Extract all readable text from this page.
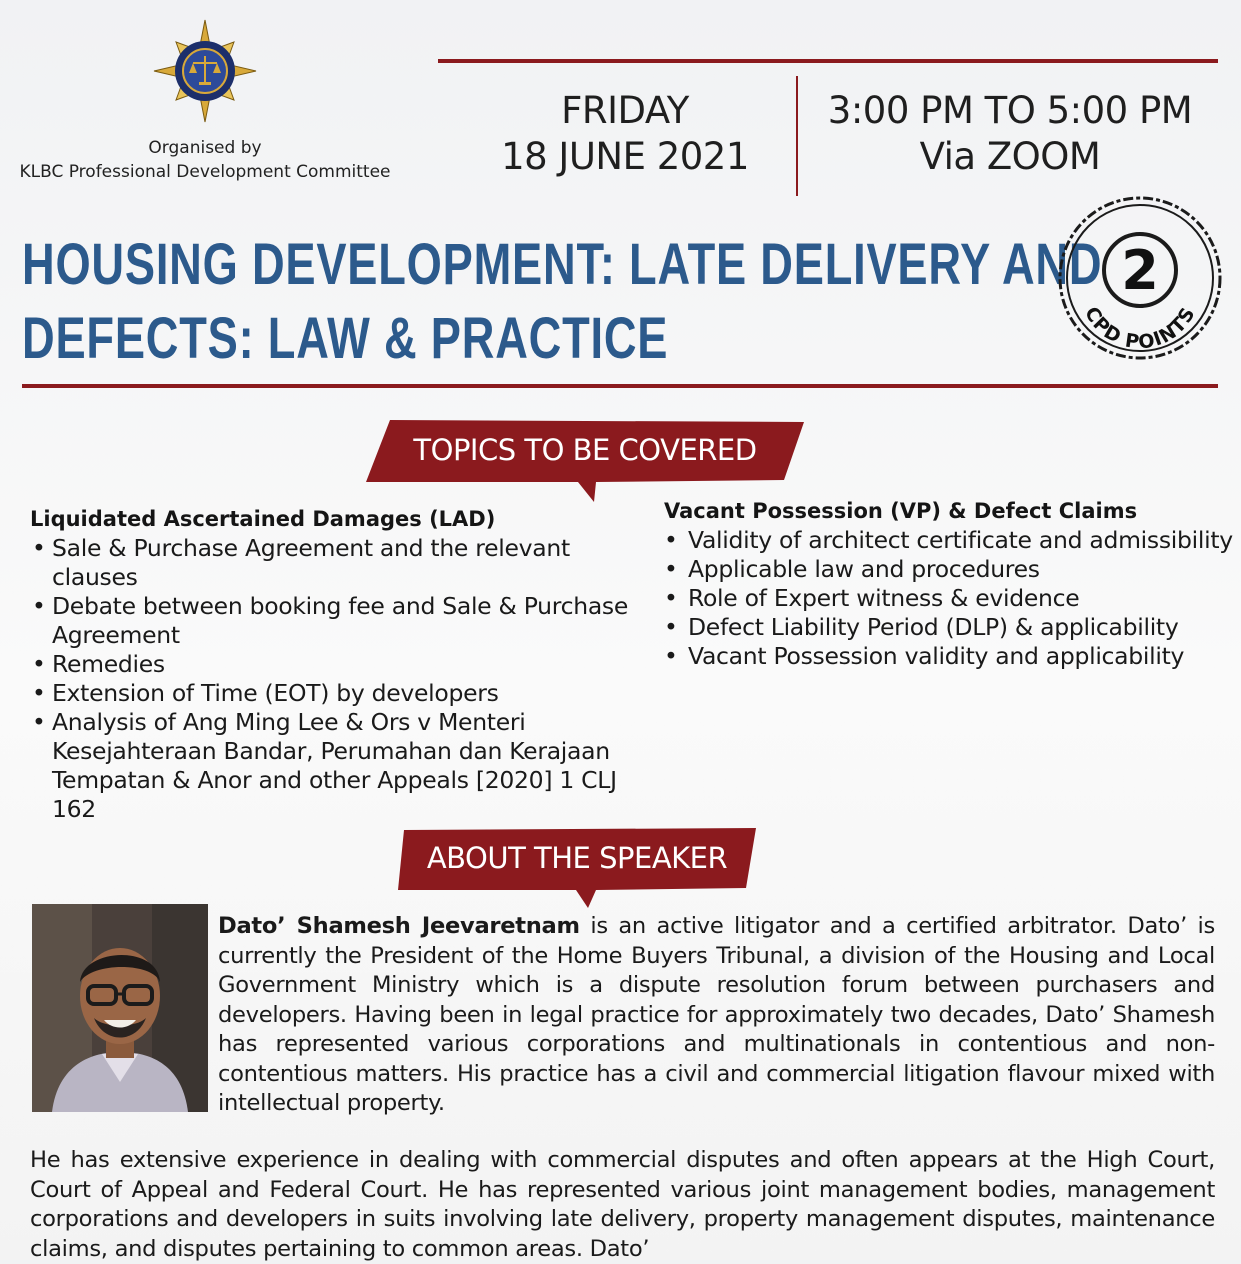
Organised by
KLBC Professional Development Committee
FRIDAY
18 JUNE 2021
3:00 PM TO 5:00 PM
Via ZOOM
HOUSING DEVELOPMENT: LATE DELIVERY AND
DEFECTS: LAW & PRACTICE
2
CPD POINTS
TOPICS TO BE COVERED
Liquidated Ascertained Damages (LAD)
• Sale & Purchase Agreement and the relevant clauses
• Debate between booking fee and Sale & Purchase Agreement
• Remedies
• Extension of Time (EOT) by developers
• Analysis of Ang Ming Lee & Ors v Menteri Kesejahteraan Bandar, Perumahan dan Kerajaan Tempatan & Anor and other Appeals [2020] 1 CLJ 162
Vacant Possession (VP) & Defect Claims
• Validity of architect certificate and admissibility
• Applicable law and procedures
• Role of Expert witness & evidence
• Defect Liability Period (DLP) & applicability
• Vacant Possession validity and applicability
ABOUT THE SPEAKER
Dato’ Shamesh Jeevaretnam is an active litigator and a certified arbitrator. Dato’ is currently the President of the Home Buyers Tribunal, a division of the Housing and Local Government Ministry which is a dispute resolution forum between purchasers and developers. Having been in legal practice for approximately two decades, Dato’ Shamesh has represented various corporations and multinationals in contentious and non-contentious matters. His practice has a civil and commercial litigation flavour mixed with intellectual property.
He has extensive experience in dealing with commercial disputes and often appears at the High Court, Court of Appeal and Federal Court. He has represented various joint management bodies, management corporations and developers in suits involving late delivery, property management disputes, maintenance claims, and disputes pertaining to common areas. Dato’
